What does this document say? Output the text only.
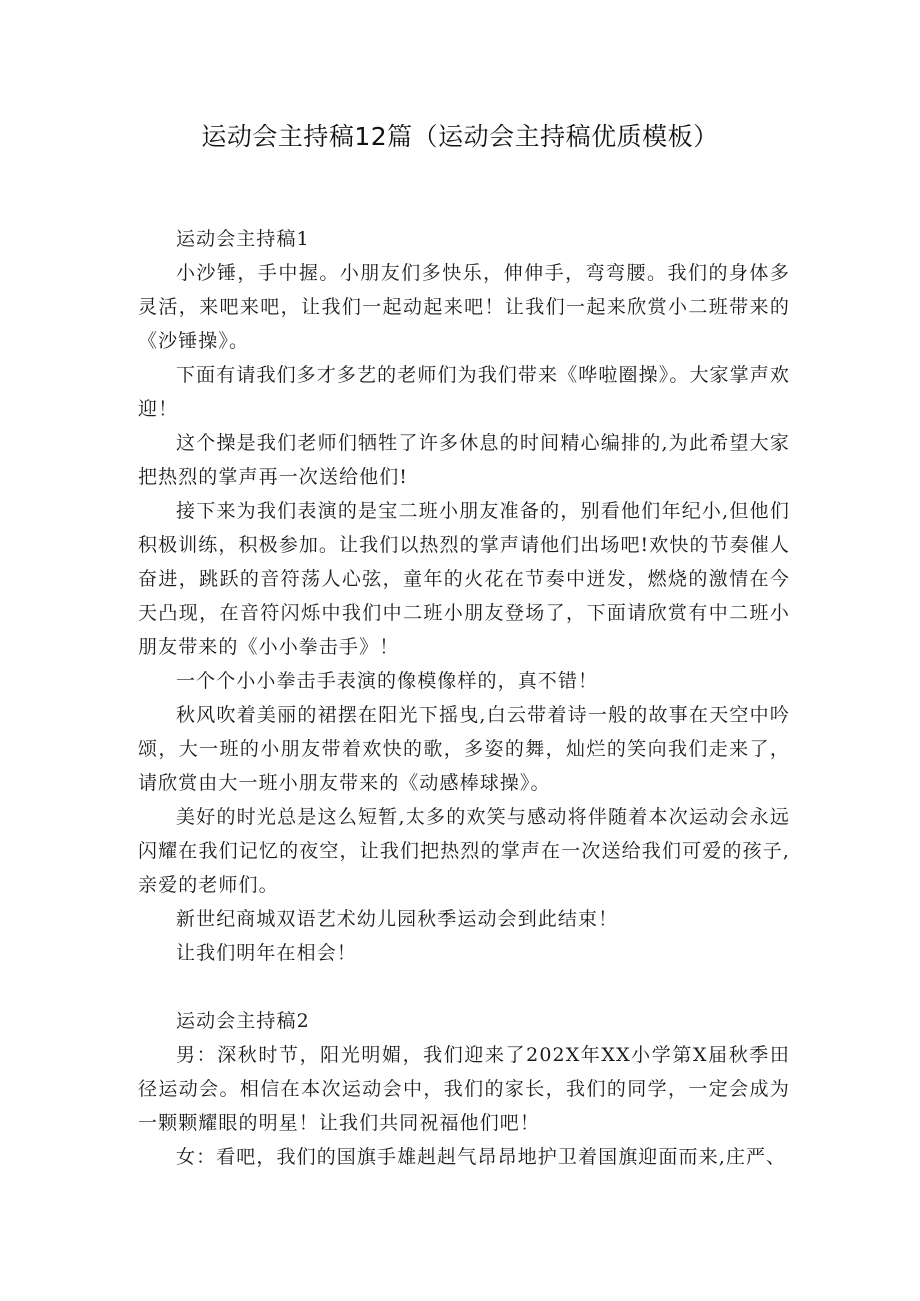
运动会主持稿12篇（运动会主持稿优质模板）

运动会主持稿1

小沙锤，手中握。小朋友们多快乐，伸伸手，弯弯腰。我们的身体多灵活，来吧来吧，让我们一起动起来吧！让我们一起来欣赏小二班带来的《沙锤操》。

下面有请我们多才多艺的老师们为我们带来《哗啦圈操》。大家掌声欢迎！

这个操是我们老师们牺牲了许多休息的时间精心编排的,为此希望大家把热烈的掌声再一次送给他们!

接下来为我们表演的是宝二班小朋友准备的，别看他们年纪小,但他们积极训练，积极参加。让我们以热烈的掌声请他们出场吧!欢快的节奏催人奋进，跳跃的音符荡人心弦，童年的火花在节奏中迸发，燃烧的激情在今天凸现，在音符闪烁中我们中二班小朋友登场了，下面请欣赏有中二班小朋友带来的《小小拳击手》！

一个个小小拳击手表演的像模像样的，真不错！

秋风吹着美丽的裙摆在阳光下摇曳,白云带着诗一般的故事在天空中吟颂，大一班的小朋友带着欢快的歌，多姿的舞，灿烂的笑向我们走来了，请欣赏由大一班小朋友带来的《动感棒球操》。

美好的时光总是这么短暂,太多的欢笑与感动将伴随着本次运动会永远闪耀在我们记忆的夜空，让我们把热烈的掌声在一次送给我们可爱的孩子,亲爱的老师们。

新世纪商城双语艺术幼儿园秋季运动会到此结束！

让我们明年在相会！

运动会主持稿2

男：深秋时节，阳光明媚，我们迎来了202X年XX小学第X届秋季田径运动会。相信在本次运动会中，我们的家长，我们的同学，一定会成为一颗颗耀眼的明星！让我们共同祝福他们吧！

女：看吧，我们的国旗手雄赳赳气昂昂地护卫着国旗迎面而来,庄严、
